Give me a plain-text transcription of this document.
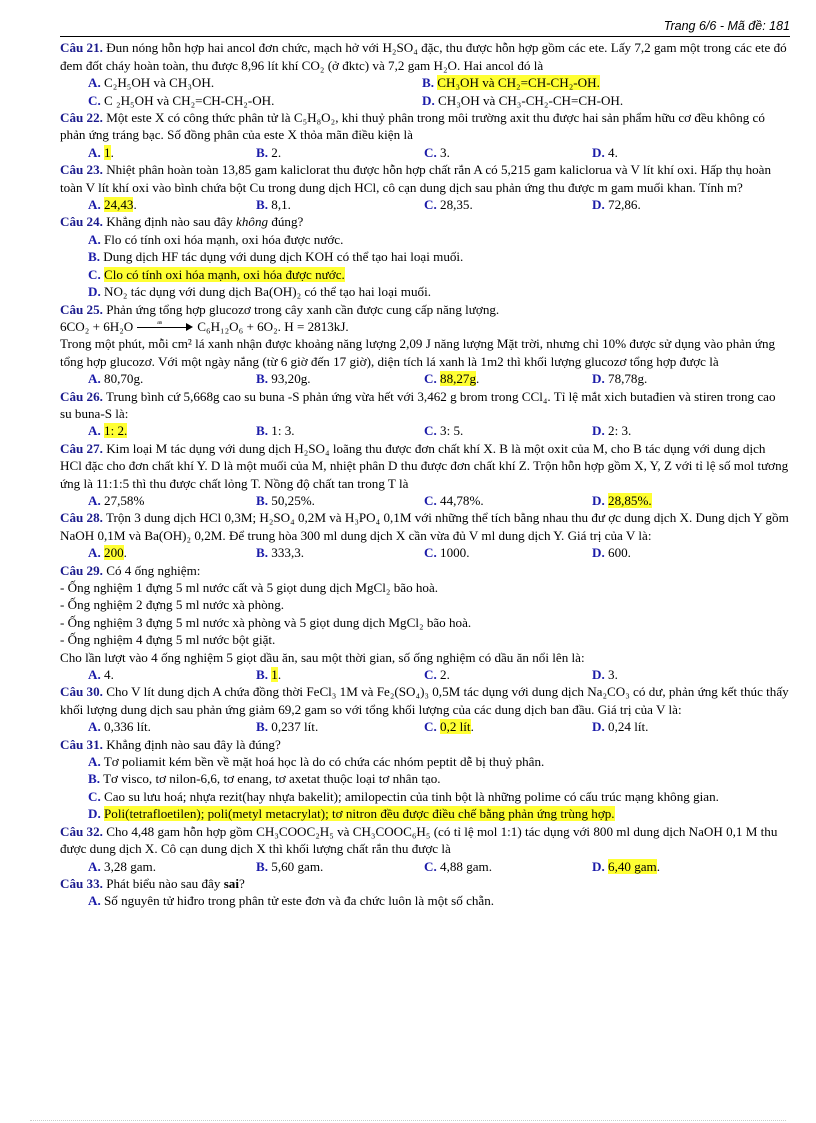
Trang 6/6 - Mã đề: 181

Câu 21. Đun nóng hỗn hợp hai ancol đơn chức, mạch hở với H₂SO₄ đặc, thu được hỗn hợp gồm các ete. Lấy 7,2 gam một trong các ete đó đem đốt cháy hoàn toàn, thu được 8,96 lít khí CO₂ (ở đktc) và 7,2 gam H₂O. Hai ancol đó là

A. C₂H₅OH và CH₃OH.	B. CH₃OH và CH₂=CH-CH₂-OH.
C. C ₂H₅OH và CH₂=CH-CH₂-OH.	D. CH₃OH và CH₃-CH₂-CH=CH-OH.

Câu 22. Một este X có công thức phân tử là C₅H₈O₂, khi thuỷ phân trong môi trường axit thu được hai sản phẩm hữu cơ đều không có phản ứng tráng bạc. Số đồng phân của este X thỏa mãn điều kiện là

A. 1.	B. 2.	C. 3.	D. 4.

Câu 23. Nhiệt phân hoàn toàn 13,85 gam kaliclorat thu được hỗn hợp chất rắn A có 5,215 gam kaliclorua và V lít khí oxi. Hấp thụ hoàn toàn V lít khí oxi vào bình chứa bột Cu trong dung dịch HCl, cô cạn dung dịch sau phản ứng thu được m gam muối khan. Tính m?

A. 24,43.	B. 8,1.	C. 28,35.	D. 72,86.

Câu 24. Khẳng định nào sau đây không đúng?

A. Flo có tính oxi hóa mạnh, oxi hóa được nước.
B. Dung dịch HF tác dụng với dung dịch KOH có thể tạo hai loại muối.
C. Clo có tính oxi hóa mạnh, oxi hóa được nước.
D. NO₂ tác dụng với dung dịch Ba(OH)₂ có thể tạo hai loại muối.

Câu 25. Phản ứng tổng hợp glucozơ trong cây xanh cần được cung cấp năng lượng.

6CO₂ + 6H₂O	as	C₆H₁₂O₆ + 6O₂. H = 2813kJ.

Trong một phút, mỗi cm² lá xanh nhận được khoảng năng lượng 2,09 J năng lượng Mặt trời, nhưng chỉ 10% được sử dụng vào phản ứng tổng hợp glucozơ. Với một ngày nắng (từ 6 giờ đến 17 giờ), diện tích lá xanh là 1m2 thì khối lượng glucozơ tổng hợp được là

A. 80,70g.	B. 93,20g.	C. 88,27g.	D. 78,78g.

Câu 26. Trung bình cứ 5,668g cao su buna -S phản ứng vừa hết với 3,462 g brom trong CCl₄. Tỉ lệ mắt xich butađien và stiren trong cao su buna-S là:

A. 1: 2.	B. 1: 3.	C. 3: 5.	D. 2: 3.

Câu 27. Kim loại M tác dụng với dung dịch H₂SO₄ loãng thu được đơn chất khí X. B là một oxit của M, cho B tác dụng với dung dịch HCl đặc cho đơn chất khí Y. D là một muối của M, nhiệt phân D thu được đơn chất khí Z. Trộn hỗn hợp gồm X, Y, Z với tỉ lệ số mol tương ứng là 11:1:5 thì thu được chất lỏng T. Nồng độ chất tan trong T là

A. 27,58%	B. 50,25%.	C. 44,78%.	D. 28,85%.

Câu 28. Trộn 3 dung dịch HCl 0,3M; H₂SO₄ 0,2M và H₃PO₄ 0,1M với những thể tích bằng nhau thu đư ợc dung dịch X. Dung dịch Y gồm NaOH 0,1M và Ba(OH)₂ 0,2M. Để trung hòa 300 ml dung dịch X cần vừa đủ V ml dung dịch Y. Giá trị của V là:

A. 200.	B. 333,3.	C. 1000.	D. 600.

Câu 29. Có 4 ống nghiệm:

- Ống nghiệm 1 đựng 5 ml nước cất và 5 giọt dung dịch MgCl₂ bão hoà.

- Ống nghiệm 2 đựng 5 ml nước xà phòng.

- Ống nghiệm 3 đựng 5 ml nước xà phòng và 5 giọt dung dịch MgCl₂ bão hoà.

- Ống nghiệm 4 đựng 5 ml nước bột giặt.

Cho lần lượt vào 4 ống nghiệm 5 giọt dầu ăn, sau một thời gian, số ống nghiệm có dầu ăn nổi lên là:

A. 4.	B. 1.	C. 2.	D. 3.

Câu 30. Cho V lít dung dịch A chứa đồng thời FeCl₃ 1M và Fe₂(SO₄)₃ 0,5M tác dụng với dung dịch Na₂CO₃ có dư, phản ứng kết thúc thấy khối lượng dung dịch sau phản ứng giảm 69,2 gam so với tổng khối lượng của các dung dịch ban đầu. Giá trị của V là:

A. 0,336 lít.	B. 0,237 lít.	C. 0,2 lít.	D. 0,24 lít.

Câu 31. Khẳng định nào sau đây là đúng?

A. Tơ poliamit kém bền về mặt hoá học là do có chứa các nhóm peptit dễ bị thuỷ phân.
B. Tơ visco, tơ nilon-6,6, tơ enang, tơ axetat thuộc loại tơ nhân tạo.
C. Cao su lưu hoá; nhựa rezit(hay nhựa bakelit); amilopectin của tinh bột là những polime có cấu trúc mạng không gian.
D. Poli(tetrafloetilen); poli(metyl metacrylat); tơ nitron đều được điều chế bằng phản ứng trùng hợp.

Câu 32. Cho 4,48 gam hỗn hợp gồm CH₃COOC₂H₅ và CH₃COOC₆H₅ (có tỉ lệ mol 1:1) tác dụng với 800 ml dung dịch NaOH 0,1 M thu được dung dịch X. Cô cạn dung dịch X thì khối lượng chất rắn thu được là

A. 3,28 gam.	B. 5,60 gam.	C. 4,88 gam.	D. 6,40 gam.

Câu 33. Phát biểu nào sau đây sai?

A. Số nguyên tử hiđro trong phân tử este đơn và đa chức luôn là một số chẵn.
